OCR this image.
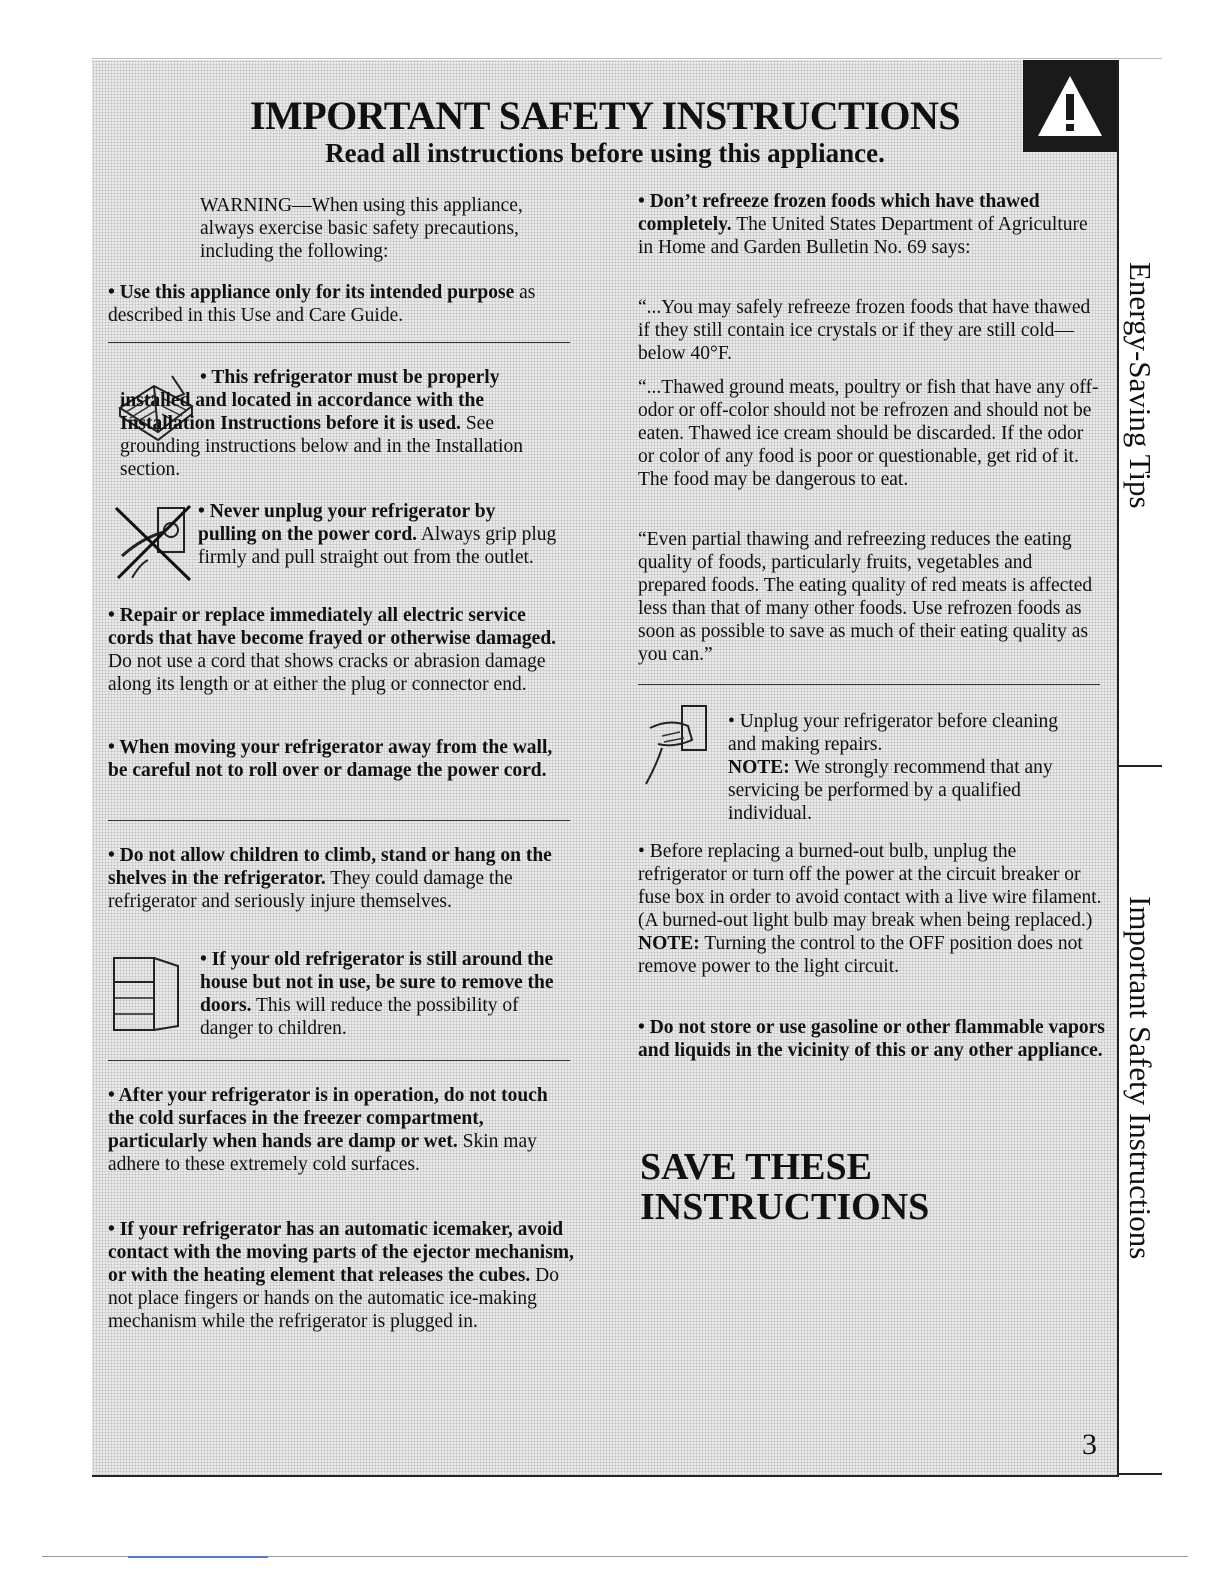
IMPORTANT SAFETY INSTRUCTIONS
Read all instructions before using this appliance.

WARNING—When using this appliance, always exercise basic safety precautions, including the following:

• Use this appliance only for its intended purpose as described in this Use and Care Guide.

• This refrigerator must be properly installed and located in accordance with the Installation Instructions before it is used. See grounding instructions below and in the Installation section.

• Never unplug your refrigerator by pulling on the power cord. Always grip plug firmly and pull straight out from the outlet.

• Repair or replace immediately all electric service cords that have become frayed or otherwise damaged. Do not use a cord that shows cracks or abrasion damage along its length or at either the plug or connector end.

• When moving your refrigerator away from the wall, be careful not to roll over or damage the power cord.

• Do not allow children to climb, stand or hang on the shelves in the refrigerator. They could damage the refrigerator and seriously injure themselves.

• If your old refrigerator is still around the house but not in use, be sure to remove the doors. This will reduce the possibility of danger to children.

• After your refrigerator is in operation, do not touch the cold surfaces in the freezer compartment, particularly when hands are damp or wet. Skin may adhere to these extremely cold surfaces.

• If your refrigerator has an automatic icemaker, avoid contact with the moving parts of the ejector mechanism, or with the heating element that releases the cubes. Do not place fingers or hands on the automatic ice-making mechanism while the refrigerator is plugged in.

• Don’t refreeze frozen foods which have thawed completely. The United States Department of Agriculture in Home and Garden Bulletin No. 69 says:

“...You may safely refreeze frozen foods that have thawed if they still contain ice crystals or if they are still cold—below 40°F.

“...Thawed ground meats, poultry or fish that have any off-odor or off-color should not be refrozen and should not be eaten. Thawed ice cream should be discarded. If the odor or color of any food is poor or questionable, get rid of it. The food may be dangerous to eat.

“Even partial thawing and refreezing reduces the eating quality of foods, particularly fruits, vegetables and prepared foods. The eating quality of red meats is affected less than that of many other foods. Use refrozen foods as soon as possible to save as much of their eating quality as you can.”

• Unplug your refrigerator before cleaning and making repairs.
NOTE: We strongly recommend that any servicing be performed by a qualified individual.

• Before replacing a burned-out bulb, unplug the refrigerator or turn off the power at the circuit breaker or fuse box in order to avoid contact with a live wire filament. (A burned-out light bulb may break when being replaced.) NOTE: Turning the control to the OFF position does not remove power to the light circuit.

• Do not store or use gasoline or other flammable vapors and liquids in the vicinity of this or any other appliance.

SAVE THESE
INSTRUCTIONS
Energy-Saving Tips
Important Safety Instructions
3
